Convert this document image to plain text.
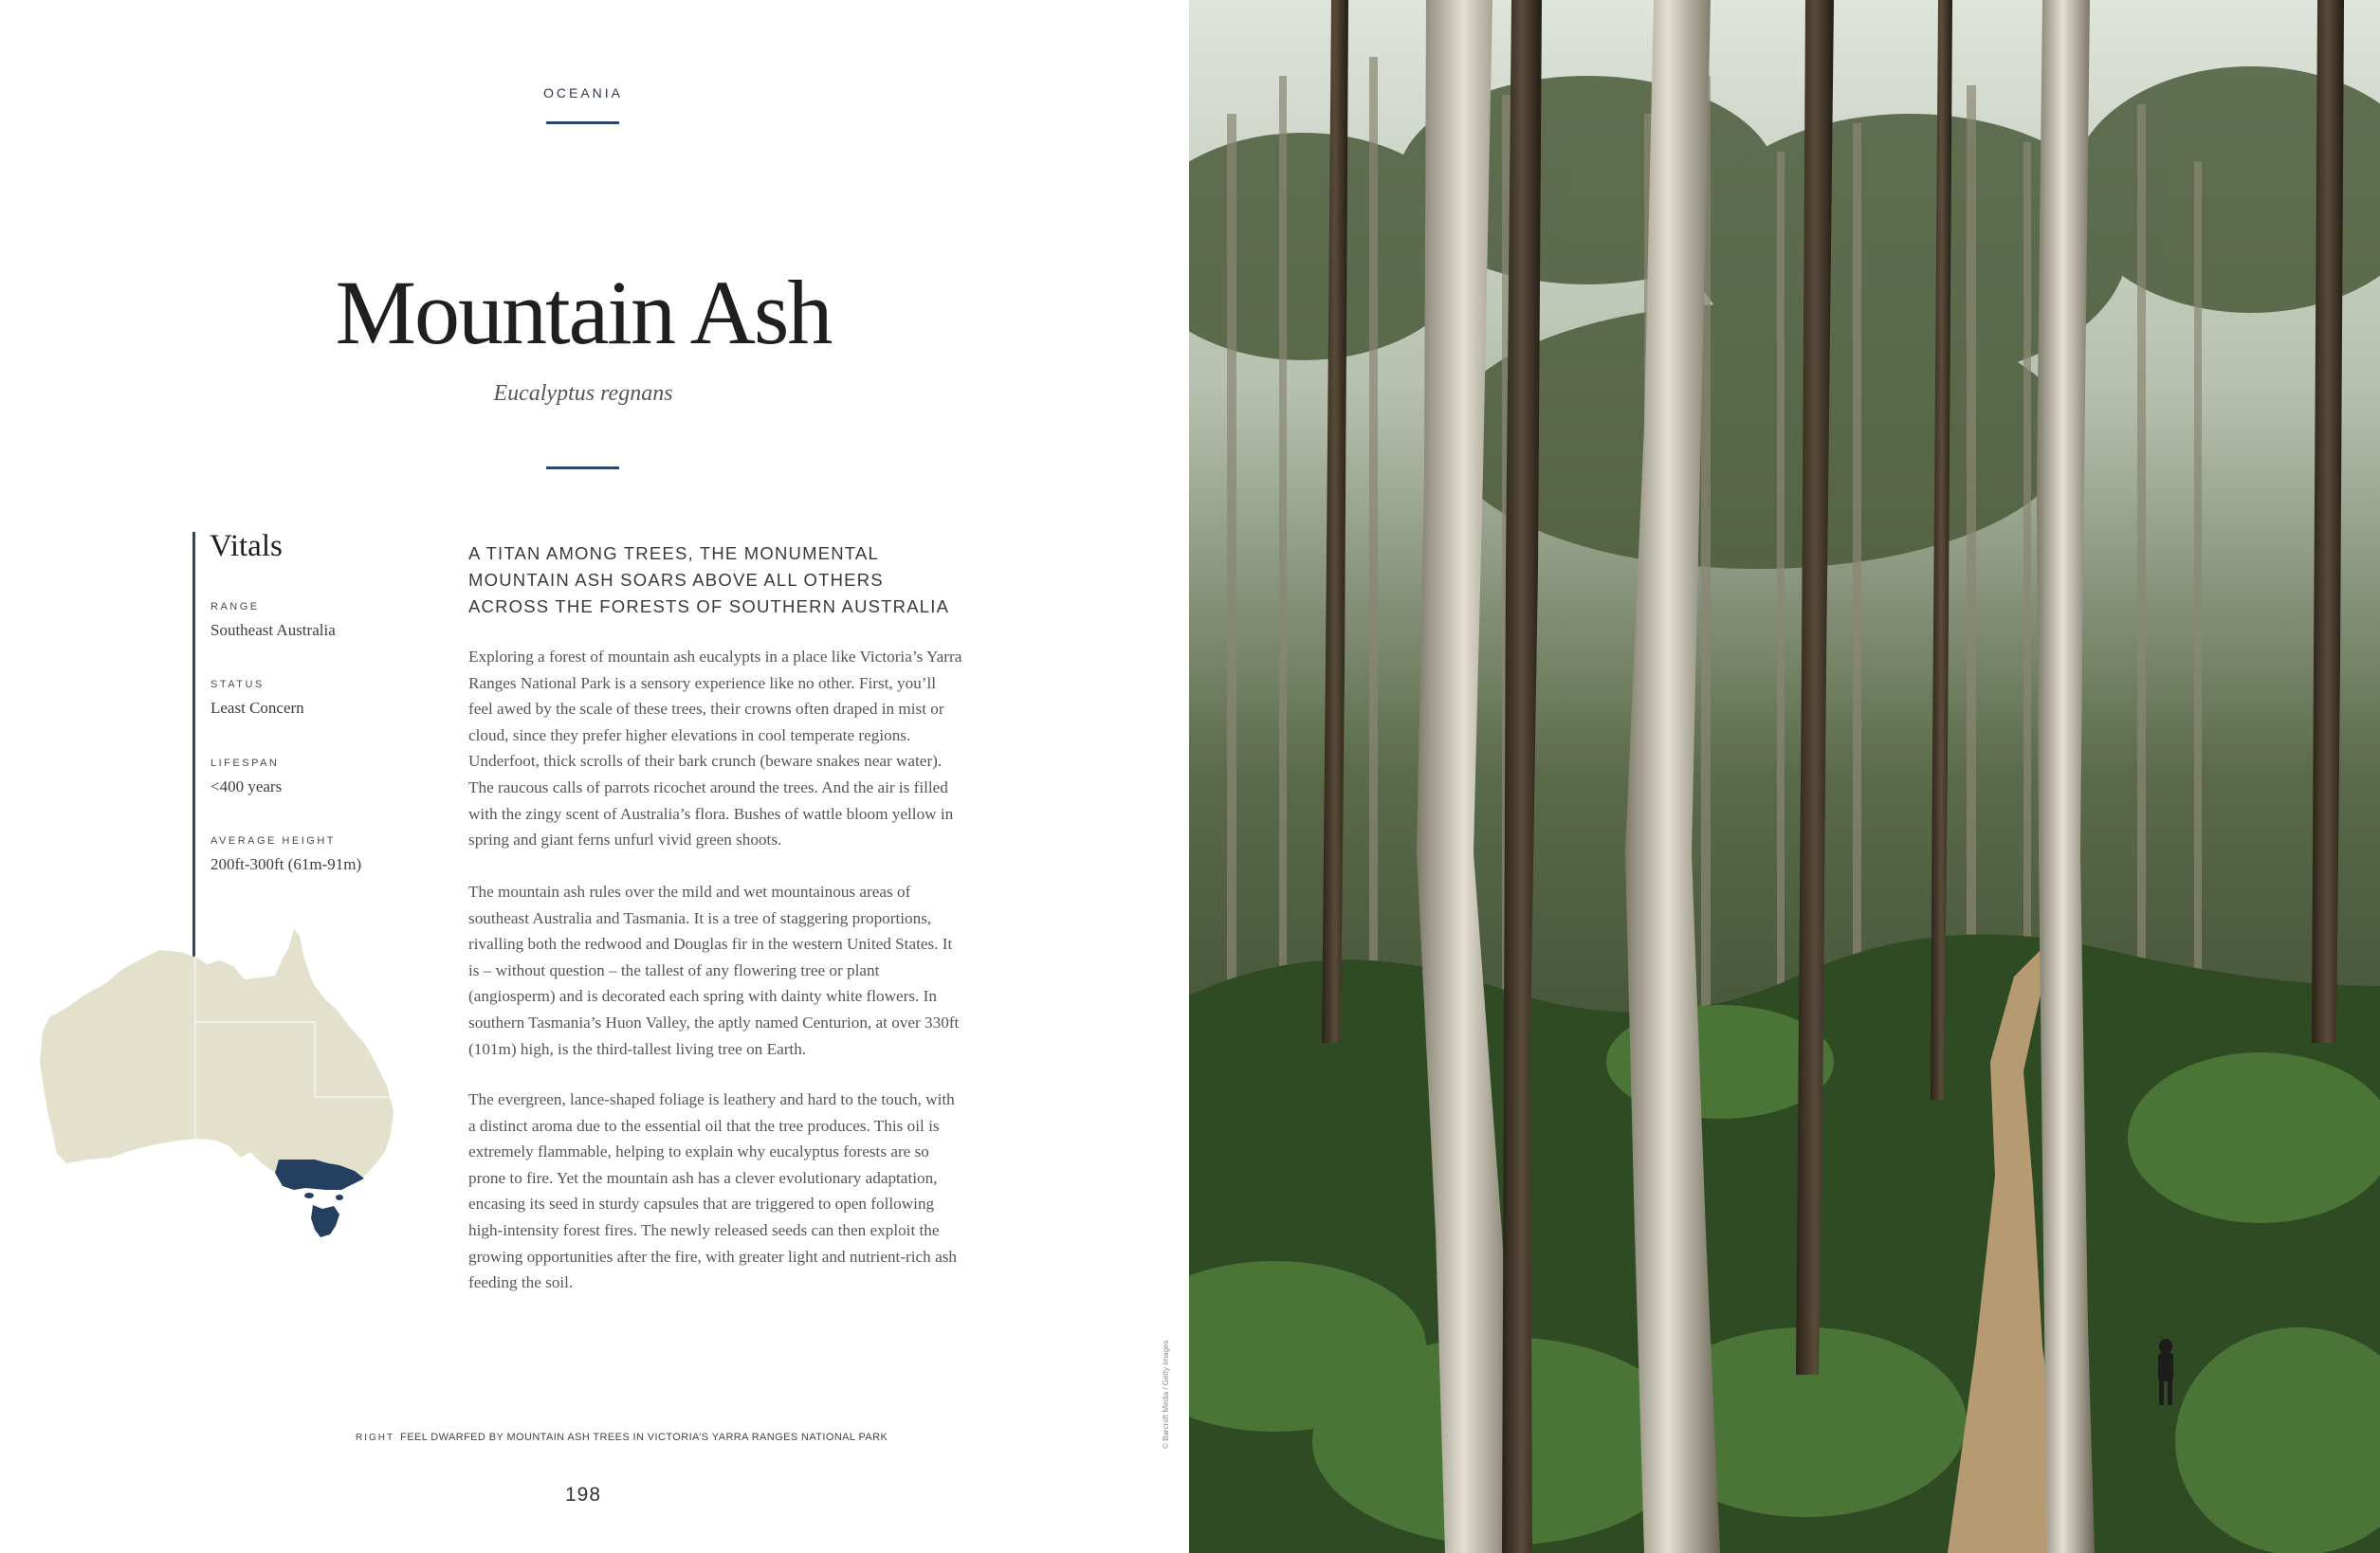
OCEANIA
Mountain Ash
Eucalyptus regnans
Vitals
RANGE
Southeast Australia
STATUS
Least Concern
LIFESPAN
<400 years
AVERAGE HEIGHT
200ft-300ft (61m-91m)
A TITAN AMONG TREES, THE MONUMENTAL MOUNTAIN ASH SOARS ABOVE ALL OTHERS ACROSS THE FORESTS OF SOUTHERN AUSTRALIA
Exploring a forest of mountain ash eucalypts in a place like Victoria’s Yarra Ranges National Park is a sensory experience like no other. First, you’ll feel awed by the scale of these trees, their crowns often draped in mist or cloud, since they prefer higher elevations in cool temperate regions. Underfoot, thick scrolls of their bark crunch (beware snakes near water). The raucous calls of parrots ricochet around the trees. And the air is filled with the zingy scent of Australia’s flora. Bushes of wattle bloom yellow in spring and giant ferns unfurl vivid green shoots.
The mountain ash rules over the mild and wet mountainous areas of southeast Australia and Tasmania. It is a tree of staggering proportions, rivalling both the redwood and Douglas fir in the western United States. It is – without question – the tallest of any flowering tree or plant (angiosperm) and is decorated each spring with dainty white flowers. In southern Tasmania’s Huon Valley, the aptly named Centurion, at over 330ft (101m) high, is the third-tallest living tree on Earth.
The evergreen, lance-shaped foliage is leathery and hard to the touch, with a distinct aroma due to the essential oil that the tree produces. This oil is extremely flammable, helping to explain why eucalyptus forests are so prone to fire. Yet the mountain ash has a clever evolutionary adaptation, encasing its seed in sturdy capsules that are triggered to open following high-intensity forest fires. The newly released seeds can then exploit the growing opportunities after the fire, with greater light and nutrient-rich ash feeding the soil.
RIGHT FEEL DWARFED BY MOUNTAIN ASH TREES IN VICTORIA’S YARRA RANGES NATIONAL PARK
198
© Barcroft Media / Getty Images
